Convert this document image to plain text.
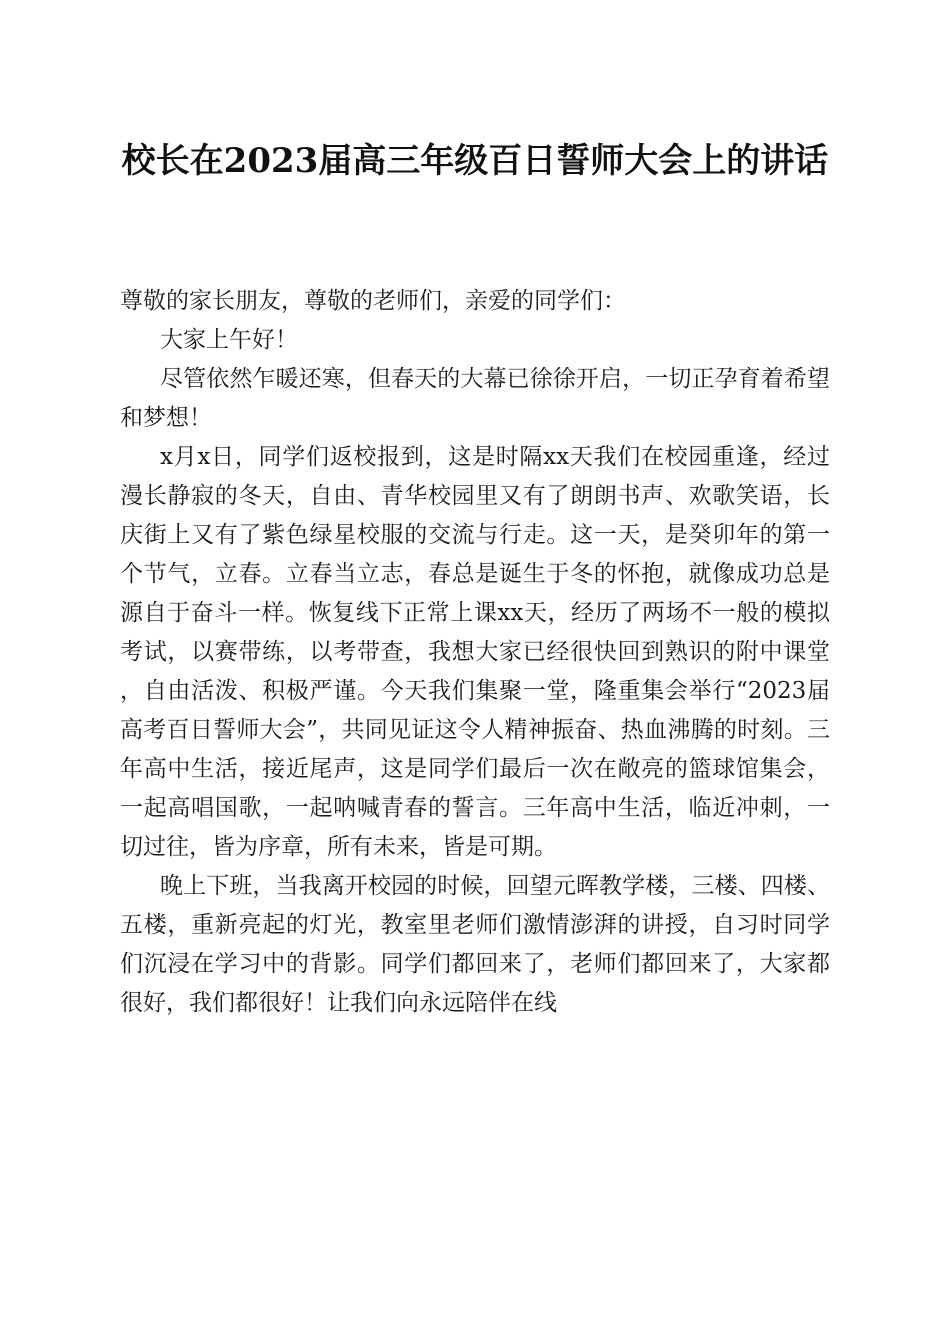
校长在2023届高三年级百日誓师大会上的讲话

尊敬的家长朋友，尊敬的老师们，亲爱的同学们：

大家上午好！

尽管依然乍暖还寒，但春天的大幕已徐徐开启，一切正孕育着希望和梦想！

x月x日，同学们返校报到，这是时隔xx天我们在校园重逢，经过漫长静寂的冬天，自由、青华校园里又有了朗朗书声、欢歌笑语，长庆街上又有了紫色绿星校服的交流与行走。这一天，是癸卯年的第一个节气，立春。立春当立志，春总是诞生于冬的怀抱，就像成功总是源自于奋斗一样。恢复线下正常上课xx天，经历了两场不一般的模拟考试，以赛带练，以考带查，我想大家已经很快回到熟识的附中课堂，自由活泼、积极严谨。今天我们集聚一堂，隆重集会举行“2023届高考百日誓师大会”，共同见证这令人精神振奋、热血沸腾的时刻。三年高中生活，接近尾声，这是同学们最后一次在敞亮的篮球馆集会，一起高唱国歌，一起呐喊青春的誓言。三年高中生活，临近冲刺，一切过往，皆为序章，所有未来，皆是可期。

晚上下班，当我离开校园的时候，回望元晖教学楼，三楼、四楼、五楼，重新亮起的灯光，教室里老师们激情澎湃的讲授，自习时同学们沉浸在学习中的背影。同学们都回来了，老师们都回来了，大家都很好，我们都很好！让我们向永远陪伴在线
